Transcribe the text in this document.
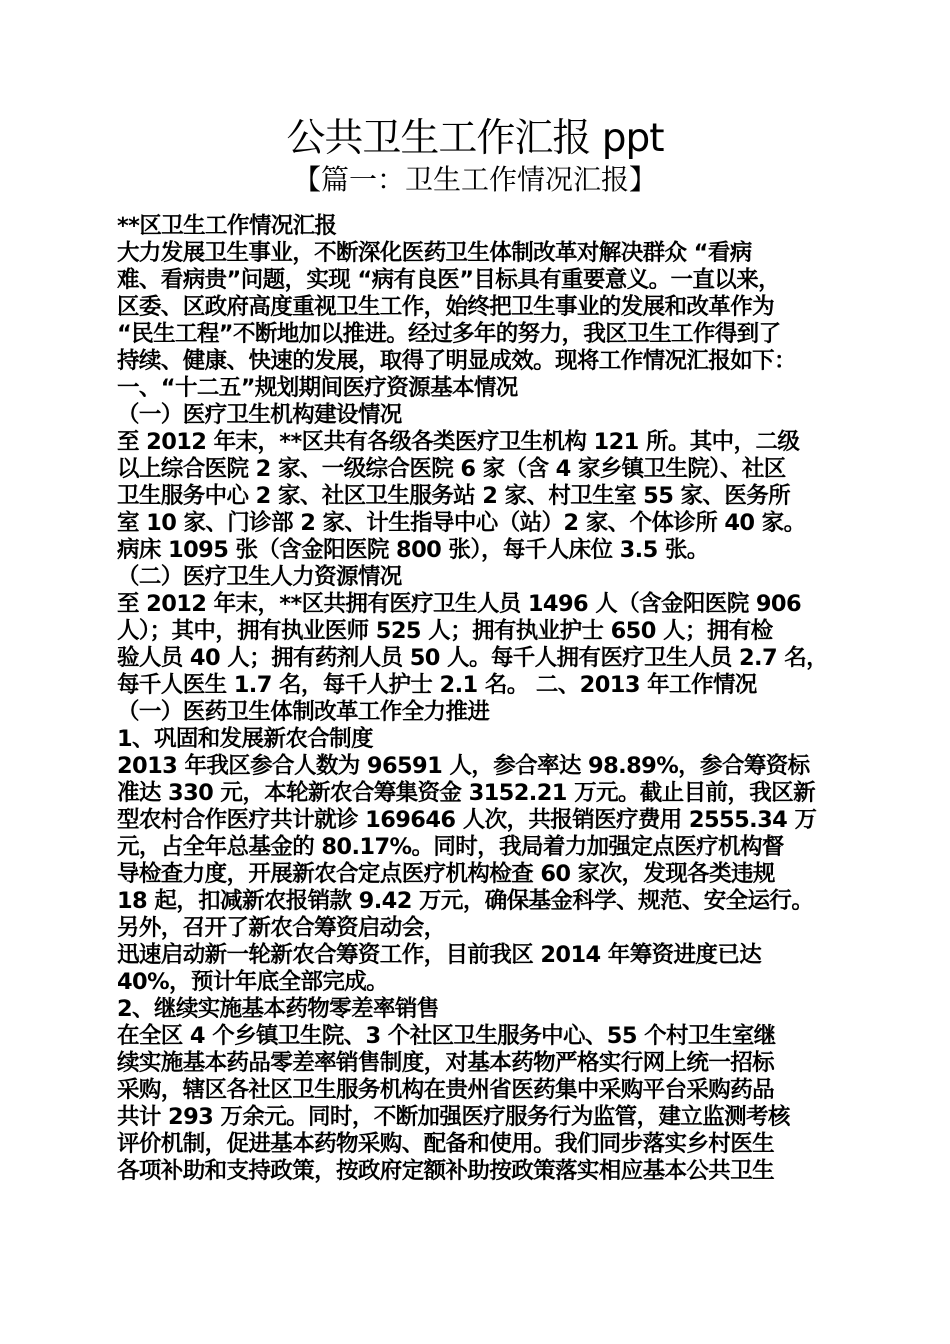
公共卫生工作汇报 ppt
【篇一：卫生工作情况汇报】
**区卫生工作情况汇报
大力发展卫生事业，不断深化医药卫生体制改革对解决群众 “看病
难、看病贵”问题，实现 “病有良医”目标具有重要意义。一直以来，
区委、区政府高度重视卫生工作，始终把卫生事业的发展和改革作为
“民生工程”不断地加以推进。经过多年的努力，我区卫生工作得到了
持续、健康、快速的发展，取得了明显成效。现将工作情况汇报如下：
一、“十二五”规划期间医疗资源基本情况
（一）医疗卫生机构建设情况
至 2012 年末，**区共有各级各类医疗卫生机构 121 所。其中，二级
以上综合医院 2 家、一级综合医院 6 家（含 4 家乡镇卫生院）、社区
卫生服务中心 2 家、社区卫生服务站 2 家、村卫生室 55 家、医务所
室 10 家、门诊部 2 家、计生指导中心（站）2 家、个体诊所 40 家。
病床 1095 张（含金阳医院 800 张），每千人床位 3.5 张。
（二）医疗卫生人力资源情况
至 2012 年末，**区共拥有医疗卫生人员 1496 人（含金阳医院 906
人）；其中，拥有执业医师 525 人；拥有执业护士 650 人；拥有检
验人员 40 人；拥有药剂人员 50 人。每千人拥有医疗卫生人员 2.7 名，
每千人医生 1.7 名，每千人护士 2.1 名。 二、2013 年工作情况
（一）医药卫生体制改革工作全力推进
1、巩固和发展新农合制度
2013 年我区参合人数为 96591 人，参合率达 98.89%，参合筹资标
准达 330 元，本轮新农合筹集资金 3152.21 万元。截止目前，我区新
型农村合作医疗共计就诊 169646 人次，共报销医疗费用 2555.34 万
元，占全年总基金的 80.17%。同时，我局着力加强定点医疗机构督
导检查力度，开展新农合定点医疗机构检查 60 家次，发现各类违规
18 起，扣减新农报销款 9.42 万元，确保基金科学、规范、安全运行。
另外，召开了新农合筹资启动会，
迅速启动新一轮新农合筹资工作，目前我区 2014 年筹资进度已达
40%，预计年底全部完成。
2、继续实施基本药物零差率销售
在全区 4 个乡镇卫生院、3 个社区卫生服务中心、55 个村卫生室继
续实施基本药品零差率销售制度，对基本药物严格实行网上统一招标
采购，辖区各社区卫生服务机构在贵州省医药集中采购平台采购药品
共计 293 万余元。同时，不断加强医疗服务行为监管，建立监测考核
评价机制，促进基本药物采购、配备和使用。我们同步落实乡村医生
各项补助和支持政策，按政府定额补助按政策落实相应基本公共卫生
